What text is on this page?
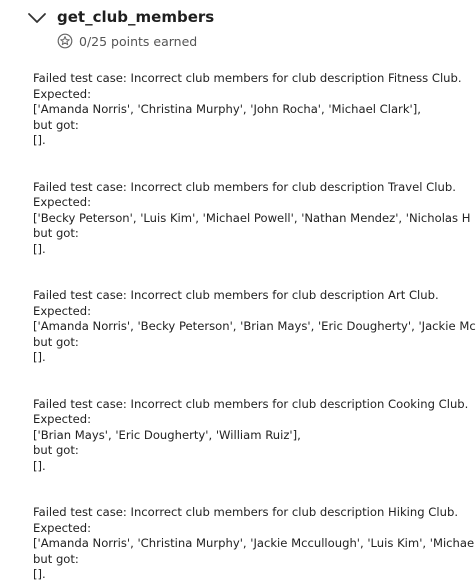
get_club_members
0/25 points earned
Failed test case: Incorrect club members for club description Fitness Club.
Expected:
['Amanda Norris', 'Christina Murphy', 'John Rocha', 'Michael Clark'],
but got:
[].
Failed test case: Incorrect club members for club description Travel Club.
Expected:
['Becky Peterson', 'Luis Kim', 'Michael Powell', 'Nathan Mendez', 'Nicholas H
but got:
[].
Failed test case: Incorrect club members for club description Art Club.
Expected:
['Amanda Norris', 'Becky Peterson', 'Brian Mays', 'Eric Dougherty', 'Jackie Mc
but got:
[].
Failed test case: Incorrect club members for club description Cooking Club.
Expected:
['Brian Mays', 'Eric Dougherty', 'William Ruiz'],
but got:
[].
Failed test case: Incorrect club members for club description Hiking Club.
Expected:
['Amanda Norris', 'Christina Murphy', 'Jackie Mccullough', 'Luis Kim', 'Michae
but got:
[].
